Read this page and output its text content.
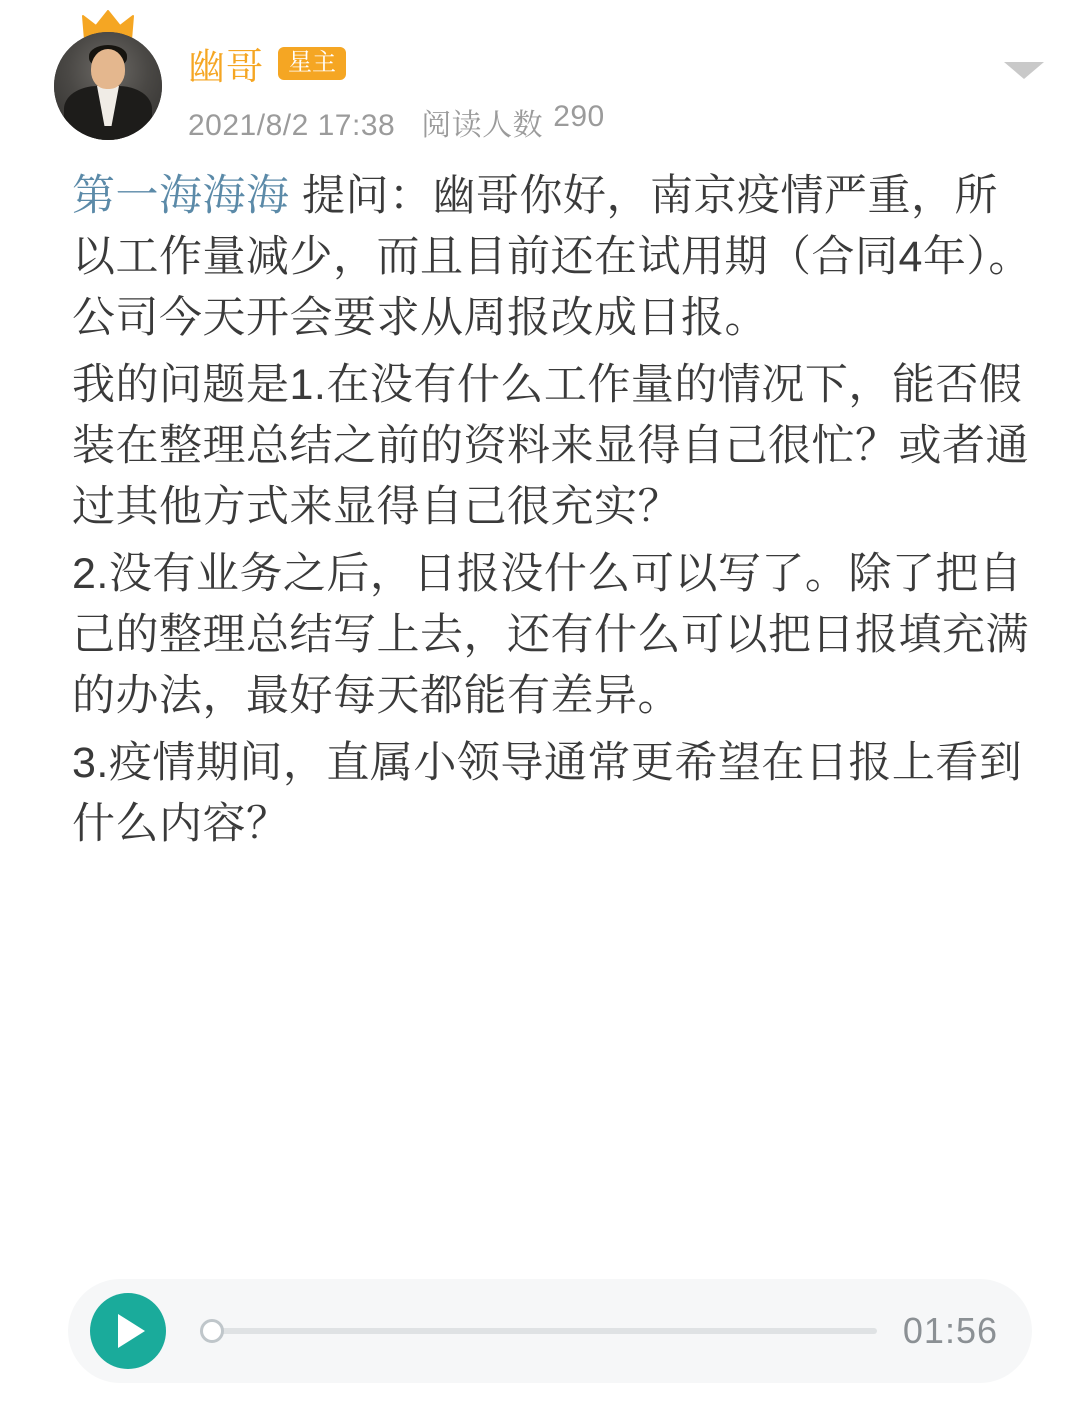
幽哥	星主
2021/8/2 17:38 阅读人数 290

第一海海海 提问：幽哥你好，南京疫情严重，所以工作量减少，而且目前还在试用期（合同4年）。公司今天开会要求从周报改成日报。

我的问题是1.在没有什么工作量的情况下，能否假装在整理总结之前的资料来显得自己很忙？或者通过其他方式来显得自己很充实？

2.没有业务之后，日报没什么可以写了。除了把自己的整理总结写上去，还有什么可以把日报填充满的办法，最好每天都能有差异。

3.疫情期间，直属小领导通常更希望在日报上看到什么内容？

01:56
